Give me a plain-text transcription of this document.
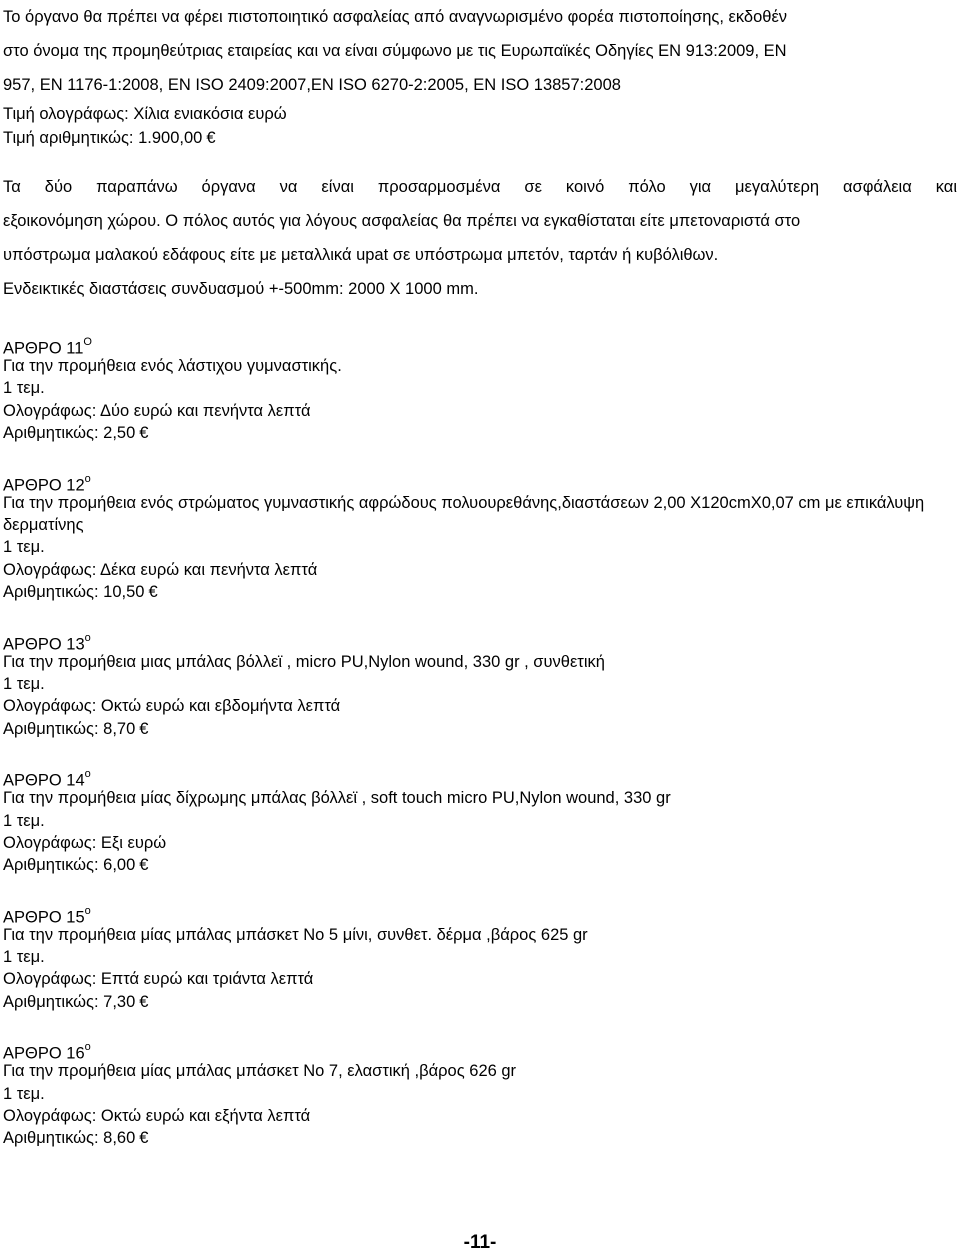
Το όργανο θα πρέπει να φέρει πιστοποιητικό ασφαλείας από αναγνωρισμένο φορέα πιστοποίησης, εκδοθέν
στο όνομα της προμηθεύτριας εταιρείας και να είναι σύμφωνο με τις Ευρωπαϊκές Οδηγίες EN 913:2009, EN
957, EN 1176-1:2008, EN ISO 2409:2007,EN ISO 6270-2:2005, EN ISO 13857:2008
Τιμή ολογράφως: Χίλια ενιακόσια ευρώ
Τιμή αριθμητικώς: 1.900,00 €
Τα δύο παραπάνω όργανα να είναι προσαρμοσμένα σε κοινό πόλο για μεγαλύτερη ασφάλεια και
εξοικονόμηση χώρου. Ο πόλος αυτός για λόγους ασφαλείας θα πρέπει να εγκαθίσταται είτε μπετοναριστά στο
υπόστρωμα μαλακού εδάφους είτε με μεταλλικά upat σε υπόστρωμα μπετόν, ταρτάν ή κυβόλιθων.
Ενδεικτικές διαστάσεις συνδυασμού +-500mm: 2000 Χ 1000 mm.
ΑΡΘΡΟ $11^O$
Για την προμήθεια ενός λάστιχου γυμναστικής.
1 τεμ.
Ολογράφως: Δύο ευρώ και πενήντα λεπτά
Αριθμητικώς: 2,50 €
ΑΡΘΡΟ $12^o$
Για την προμήθεια ενός στρώματος γυμναστικής αφρώδους πολυουρεθάνης,διαστάσεων 2,00 Χ120cmΧ0,07 cm με επικάλυψη δερματίνης
1 τεμ.
Ολογράφως: Δέκα ευρώ και πενήντα λεπτά
Αριθμητικώς: 10,50 €
ΑΡΘΡΟ $13^o$
Για την προμήθεια μιας μπάλας βόλλεϊ , micro PU,Nylon wound, 330 gr , συνθετική
1 τεμ.
Ολογράφως: Οκτώ ευρώ και εβδομήντα λεπτά
Αριθμητικώς: 8,70 €
ΑΡΘΡΟ $14^o$
Για την προμήθεια μίας δίχρωμης μπάλας βόλλεϊ , soft touch micro PU,Nylon wound, 330 gr
1 τεμ.
Ολογράφως: Εξι ευρώ
Αριθμητικώς: 6,00 €
ΑΡΘΡΟ $15^o$
Για την προμήθεια μίας μπάλας μπάσκετ Νο 5 μίνι, συνθετ. δέρμα ,βάρος 625 gr
1 τεμ.
Ολογράφως: Επτά ευρώ και τριάντα λεπτά
Αριθμητικώς: 7,30 €
ΑΡΘΡΟ $16^o$
Για την προμήθεια μίας μπάλας μπάσκετ Νο 7, ελαστική ,βάρος 626 gr
1 τεμ.
Ολογράφως: Οκτώ ευρώ και εξήντα λεπτά
Αριθμητικώς: 8,60 €
-11-
